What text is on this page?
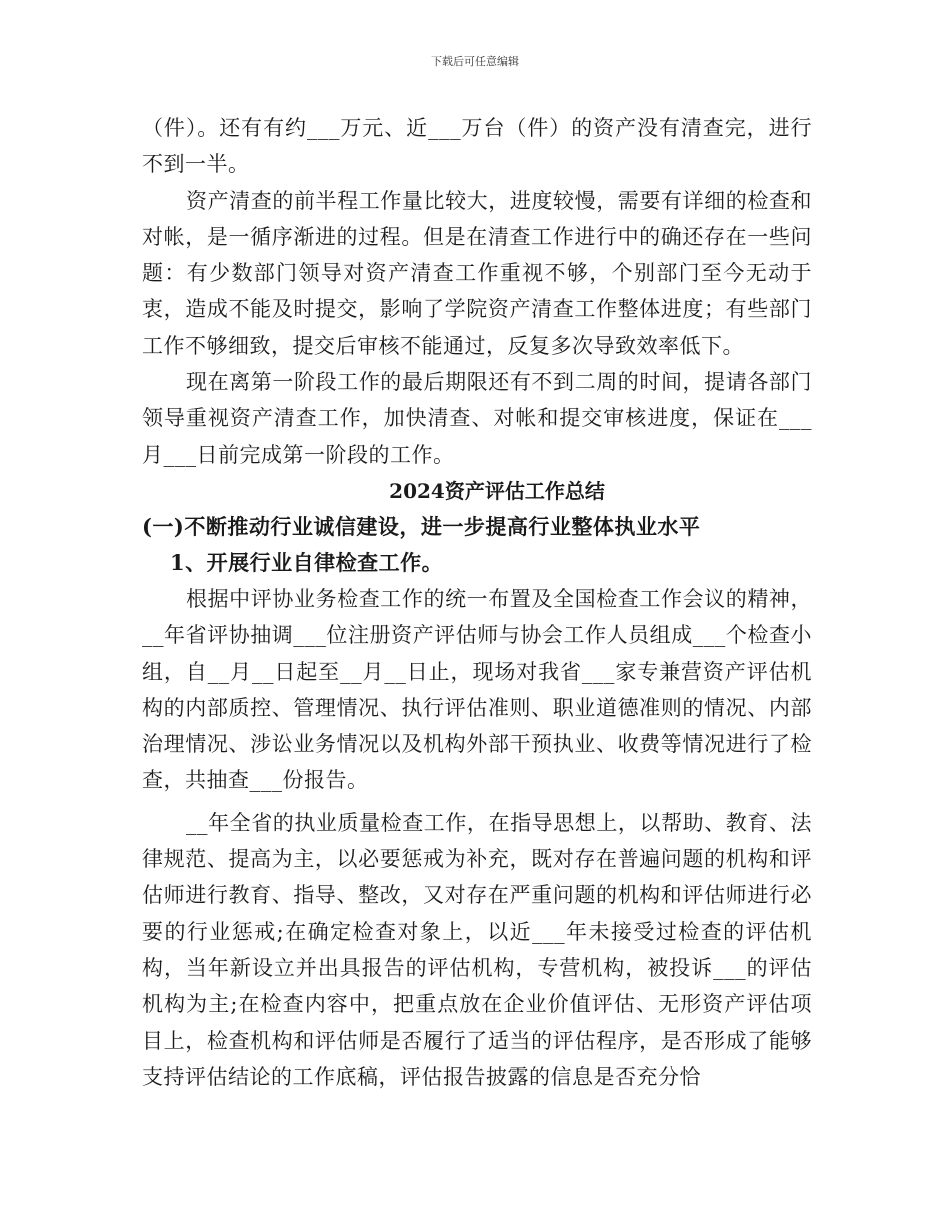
下载后可任意编辑

（件）。还有有约___万元、近___万台（件）的资产没有清查完，进行不到一半。

资产清查的前半程工作量比较大，进度较慢，需要有详细的检查和对帐，是一循序渐进的过程。但是在清查工作进行中的确还存在一些问题：有少数部门领导对资产清查工作重视不够，个别部门至今无动于衷，造成不能及时提交，影响了学院资产清查工作整体进度；有些部门工作不够细致，提交后审核不能通过，反复多次导致效率低下。

现在离第一阶段工作的最后期限还有不到二周的时间，提请各部门领导重视资产清查工作，加快清查、对帐和提交审核进度，保证在___月___日前完成第一阶段的工作。

2024资产评估工作总结

(一)不断推动行业诚信建设，进一步提高行业整体执业水平

1、开展行业自律检查工作。

根据中评协业务检查工作的统一布置及全国检查工作会议的精神，__年省评协抽调___位注册资产评估师与协会工作人员组成___个检查小组，自__月__日起至__月__日止，现场对我省___家专兼营资产评估机构的内部质控、管理情况、执行评估准则、职业道德准则的情况、内部治理情况、涉讼业务情况以及机构外部干预执业、收费等情况进行了检查，共抽查___份报告。

__年全省的执业质量检查工作，在指导思想上，以帮助、教育、法律规范、提高为主，以必要惩戒为补充，既对存在普遍问题的机构和评估师进行教育、指导、整改，又对存在严重问题的机构和评估师进行必要的行业惩戒;在确定检查对象上，以近___年未接受过检查的评估机构，当年新设立并出具报告的评估机构，专营机构，被投诉___的评估机构为主;在检查内容中，把重点放在企业价值评估、无形资产评估项目上，检查机构和评估师是否履行了适当的评估程序，是否形成了能够支持评估结论的工作底稿，评估报告披露的信息是否充分恰
